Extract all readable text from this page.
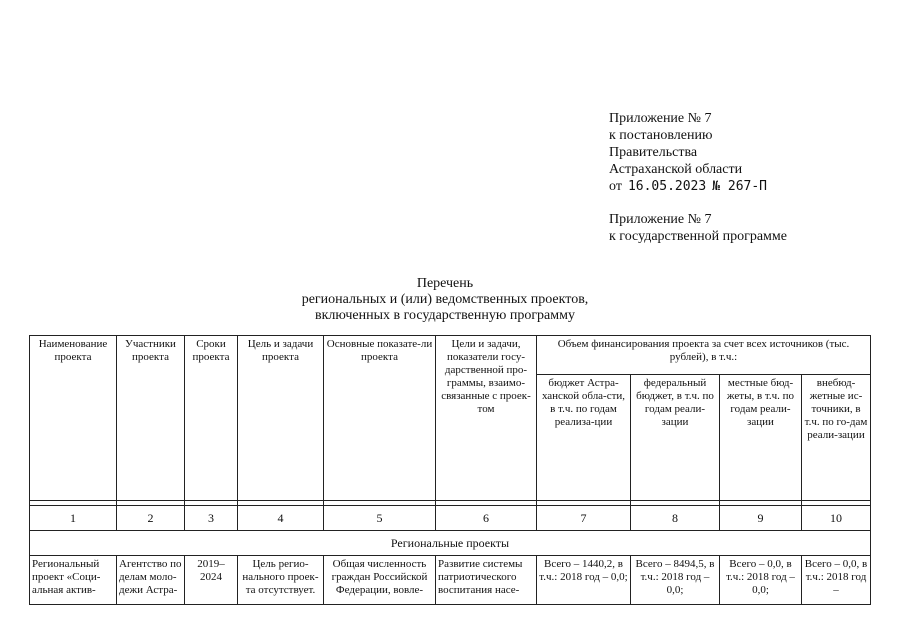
Приложение № 7
к постановлению
Правительства
Астраханской области
от 16.05.2023 № 267-П
Приложение № 7
к государственной программе
Перечень
региональных и (или) ведомственных проектов,
включенных в государственную программу
Наименование проекта	Участники проекта	Сроки проекта	Цель и задачи проекта	Основные показате-ли проекта	Цели и задачи, показатели госу-дарственной про-граммы, взаимо-связанные с проек-том	Объем финансирования проекта за счет всех источников (тыс. рублей), в т.ч.:			
						бюджет Астра-ханской обла-сти, в т.ч. по годам реализа-ции	федеральный бюджет, в т.ч. по годам реали-зации	местные бюд-жеты, в т.ч. по годам реали-зации	внебюд-жетные ис-точники, в т.ч. по го-дам реали-зации

1	2	3	4	5	6	7	8	9	10
Региональные проекты									
Региональный проект «Соци-альная актив-	Агентство по делам моло-дежи Астра-	2019–2024	Цель регио-нального проек-та отсутствует.	Общая численность граждан Российской Федерации, вовле-	Развитие системы патриотического воспитания насе-	Всего – 1440,2, в т.ч.: 2018 год – 0,0;	Всего – 8494,5, в т.ч.: 2018 год – 0,0;	Всего – 0,0, в т.ч.: 2018 год – 0,0;	Всего – 0,0, в т.ч.: 2018 год –
